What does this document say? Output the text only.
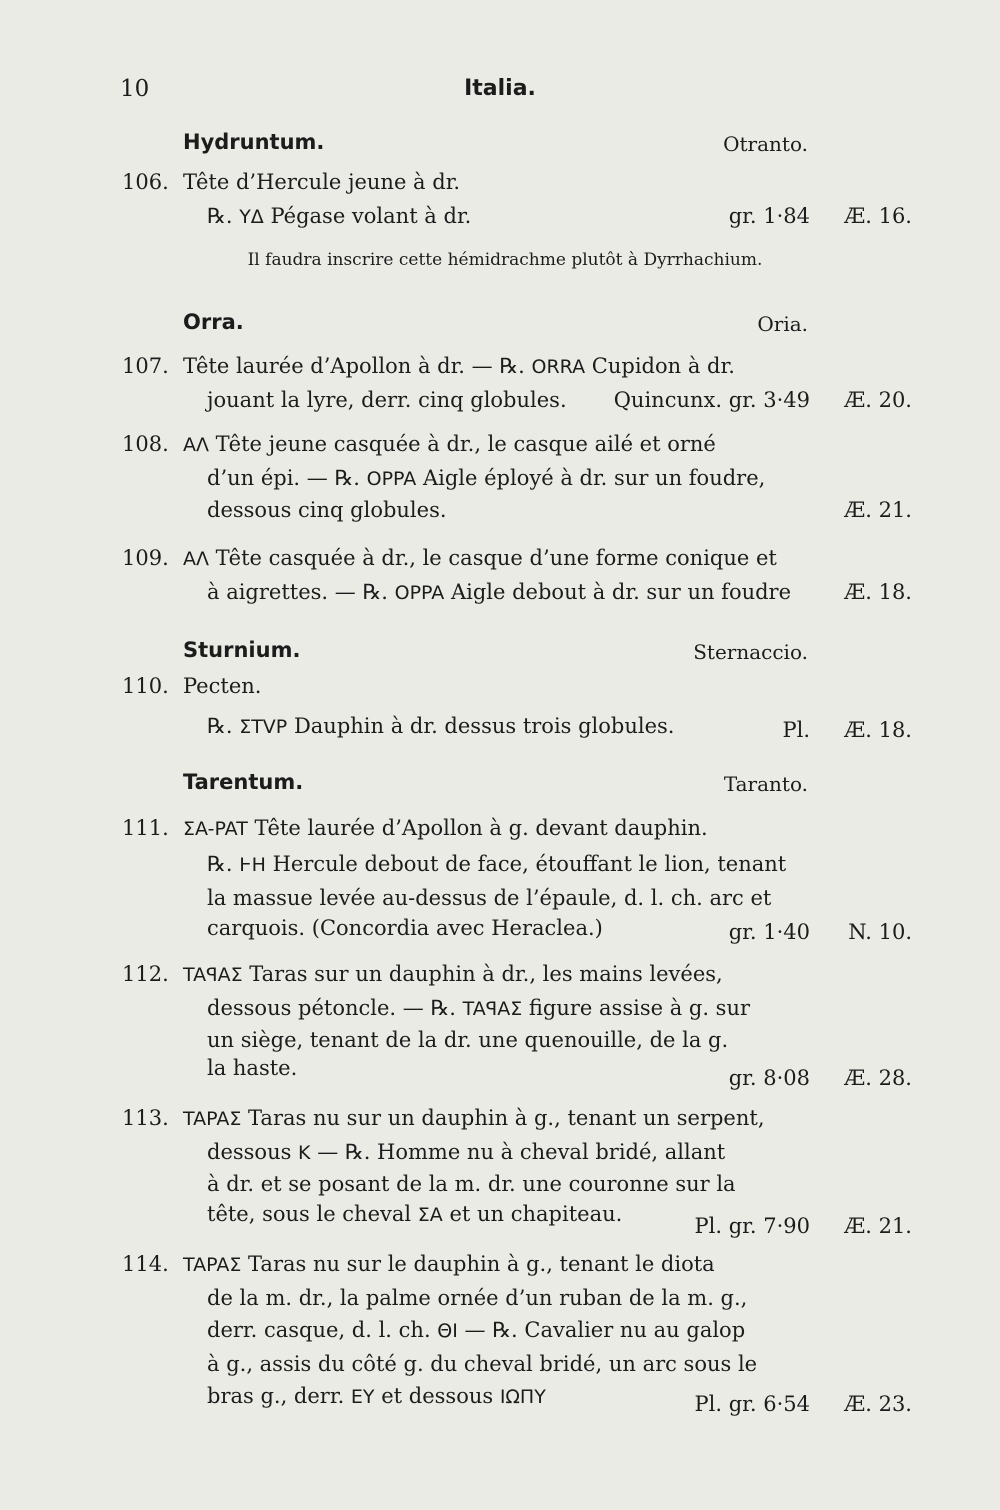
10	Italia.
Hydruntum.	Otranto.
106. Tête d’Hercule jeune à dr.
℞. YΔ Pégase volant à dr.	gr. 1·84 Æ. 16.
Il faudra inscrire cette hémidrachme plutôt à Dyrrhachium.
Orra.	Oria.
107. Tête laurée d’Apollon à dr. — ℞. ORRA Cupidon à dr.
jouant la lyre, derr. cinq globules. Quincunx. gr. 3·49 Æ. 20.
108. AΛ Tête jeune casquée à dr., le casque ailé et orné
d’un épi. — ℞. OPPA Aigle éployé à dr. sur un foudre,
dessous cinq globules.	Æ. 21.
109. AΛ Tête casquée à dr., le casque d’une forme conique et
à aigrettes. — ℞. OPPA Aigle debout à dr. sur un foudre	Æ. 18.
Sturnium.	Sternaccio.
110. Pecten.
℞. ΣTVP Dauphin à dr. dessus trois globules.	Pl. Æ. 18.
Tarentum.	Taranto.
111. ΣA-PAT Tête laurée d’Apollon à g. devant dauphin.
℞. ⱵH Hercule debout de face, étouffant le lion, tenant
la massue levée au-dessus de l’épaule, d. l. ch. arc et
carquois. (Concordia avec Heraclea.)	gr. 1·40 N. 10.
112. TAꟼAΣ Taras sur un dauphin à dr., les mains levées,
dessous pétoncle. — ℞. TAꟼAΣ figure assise à g. sur
un siège, tenant de la dr. une quenouille, de la g.
la haste.	gr. 8·08 Æ. 28.
113. TAPAΣ Taras nu sur un dauphin à g., tenant un serpent,
dessous K — ℞. Homme nu à cheval bridé, allant
à dr. et se posant de la m. dr. une couronne sur la
tête, sous le cheval ΣA et un chapiteau.	Pl. gr. 7·90 Æ. 21.
114. TAPAΣ Taras nu sur le dauphin à g., tenant le diota
de la m. dr., la palme ornée d’un ruban de la m. g.,
derr. casque, d. l. ch. ΘI — ℞. Cavalier nu au galop
à g., assis du côté g. du cheval bridé, un arc sous le
bras g., derr. EY et dessous IΩΠY	Pl. gr. 6·54 Æ. 23.
